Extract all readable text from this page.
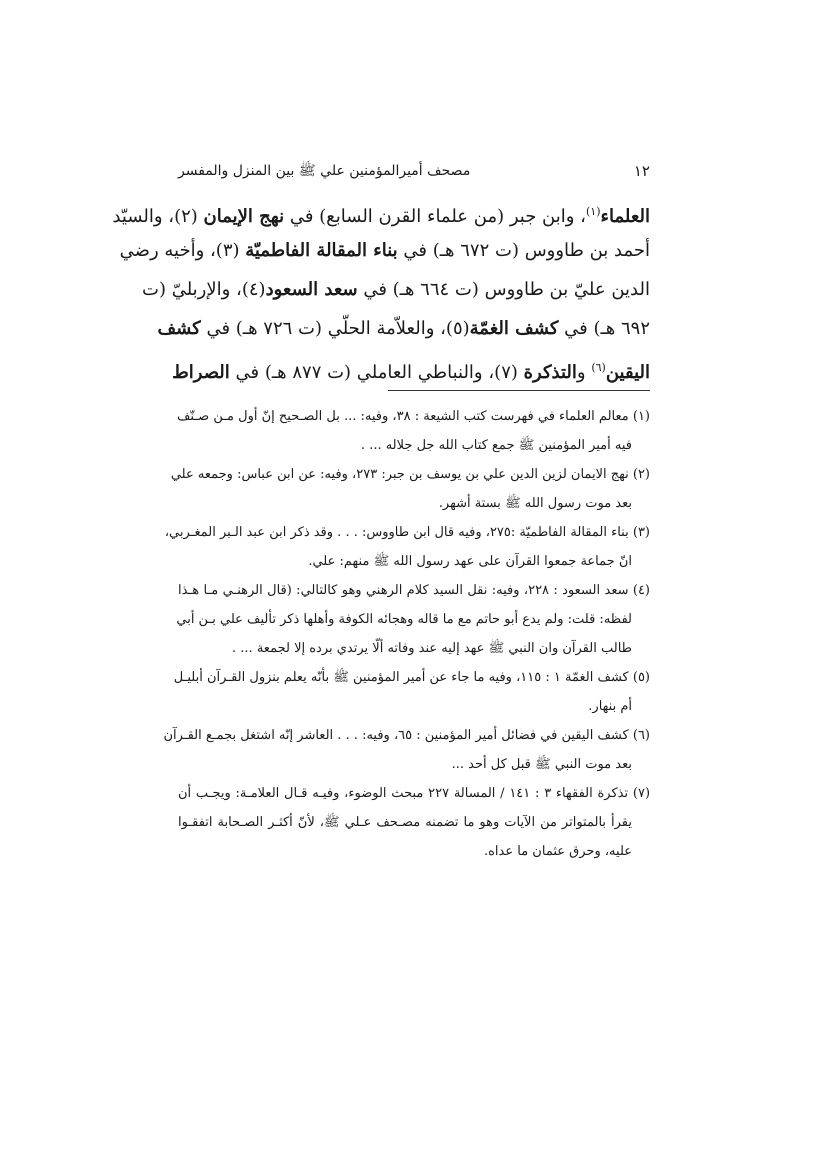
١٢
مصحف أميرالمؤمنين علي ﷺ بين المنزل والمفسر
العلماء$^{(١)}$، وابن جبر (من علماء القرن السابع) في نهج الإيمان (٢)، والسيّد
أحمد بن طاووس (ت ٦٧٢ هـ) في بناء المقالة الفاطميّة (٣)، وأخيه رضي
الدين عليّ بن طاووس (ت ٦٦٤ هـ) في سعد السعود(٤)، والإربليّ (ت
٦٩٢ هـ) في كشف الغمّة(٥)، والعلاّمة الحلّي (ت ٧٢٦ هـ) في كشف
اليقين$^{(٦)}$ والتذكرة (٧)، والنباطي العاملي (ت ٨٧٧ هـ) في الصراط
(١) معالم العلماء في فهرست كتب الشيعة : ٣٨، وفيه: ... بل الصـحيح إنّ أول مـن صـنّف
فيه أمير المؤمنين ﷺ جمع كتاب الله جل جلاله ... .
(٢) نهج الايمان لزين الدين علي بن يوسف بن جبر: ٢٧٣، وفيه: عن ابن عباس: وجمعه علي
بعد موت رسول الله ﷺ بستة أشهر.
(٣) بناء المقالة الفاطميّة :٢٧٥، وفيه قال ابن طاووس: . . . وقد ذكر ابن عبد الـبر المغـربي،
انّ جماعة جمعوا القرآن على عهد رسول الله ﷺ منهم: علي.
(٤) سعد السعود : ٢٢٨، وفيه: نقل السيد كلام الرهني وهو كالتالي: (قال الرهنـي مـا هـذا
لفظه: قلت: ولم يدع أبو حاتم مع ما قاله وهجائه الكوفة وأهلها ذكر تأليف علي بـن أبي
طالب القرآن وان النبي ﷺ عهد إليه عند وفاته ألّا يرتدي برده إلا لجمعة ... .
(٥) كشف الغمّة ١ : ١١٥، وفيه ما جاء عن أمير المؤمنين ﷺ بأنّه يعلم بنزول القـرآن أبليـل
أم بنهار.
(٦) كشف اليقين في فضائل أمير المؤمنين : ٦٥، وفيه: . . . العاشر إنّه اشتغل بجمـع القـرآن
بعد موت النبي ﷺ قبل كل أحد ...
(٧) تذكرة الفقهاء ٣ : ١٤١ / المسالة ٢٢٧ مبحث الوضوء، وفيـه قـال العلامـة: ويجـب أن
يقرأ بالمتواتر من الآيات وهو ما تضمنه مصـحف عـلي ﷺ، لأنّ أكثـر الصـحابة اتفقـوا
عليه، وحرق عثمان ما عداه.
